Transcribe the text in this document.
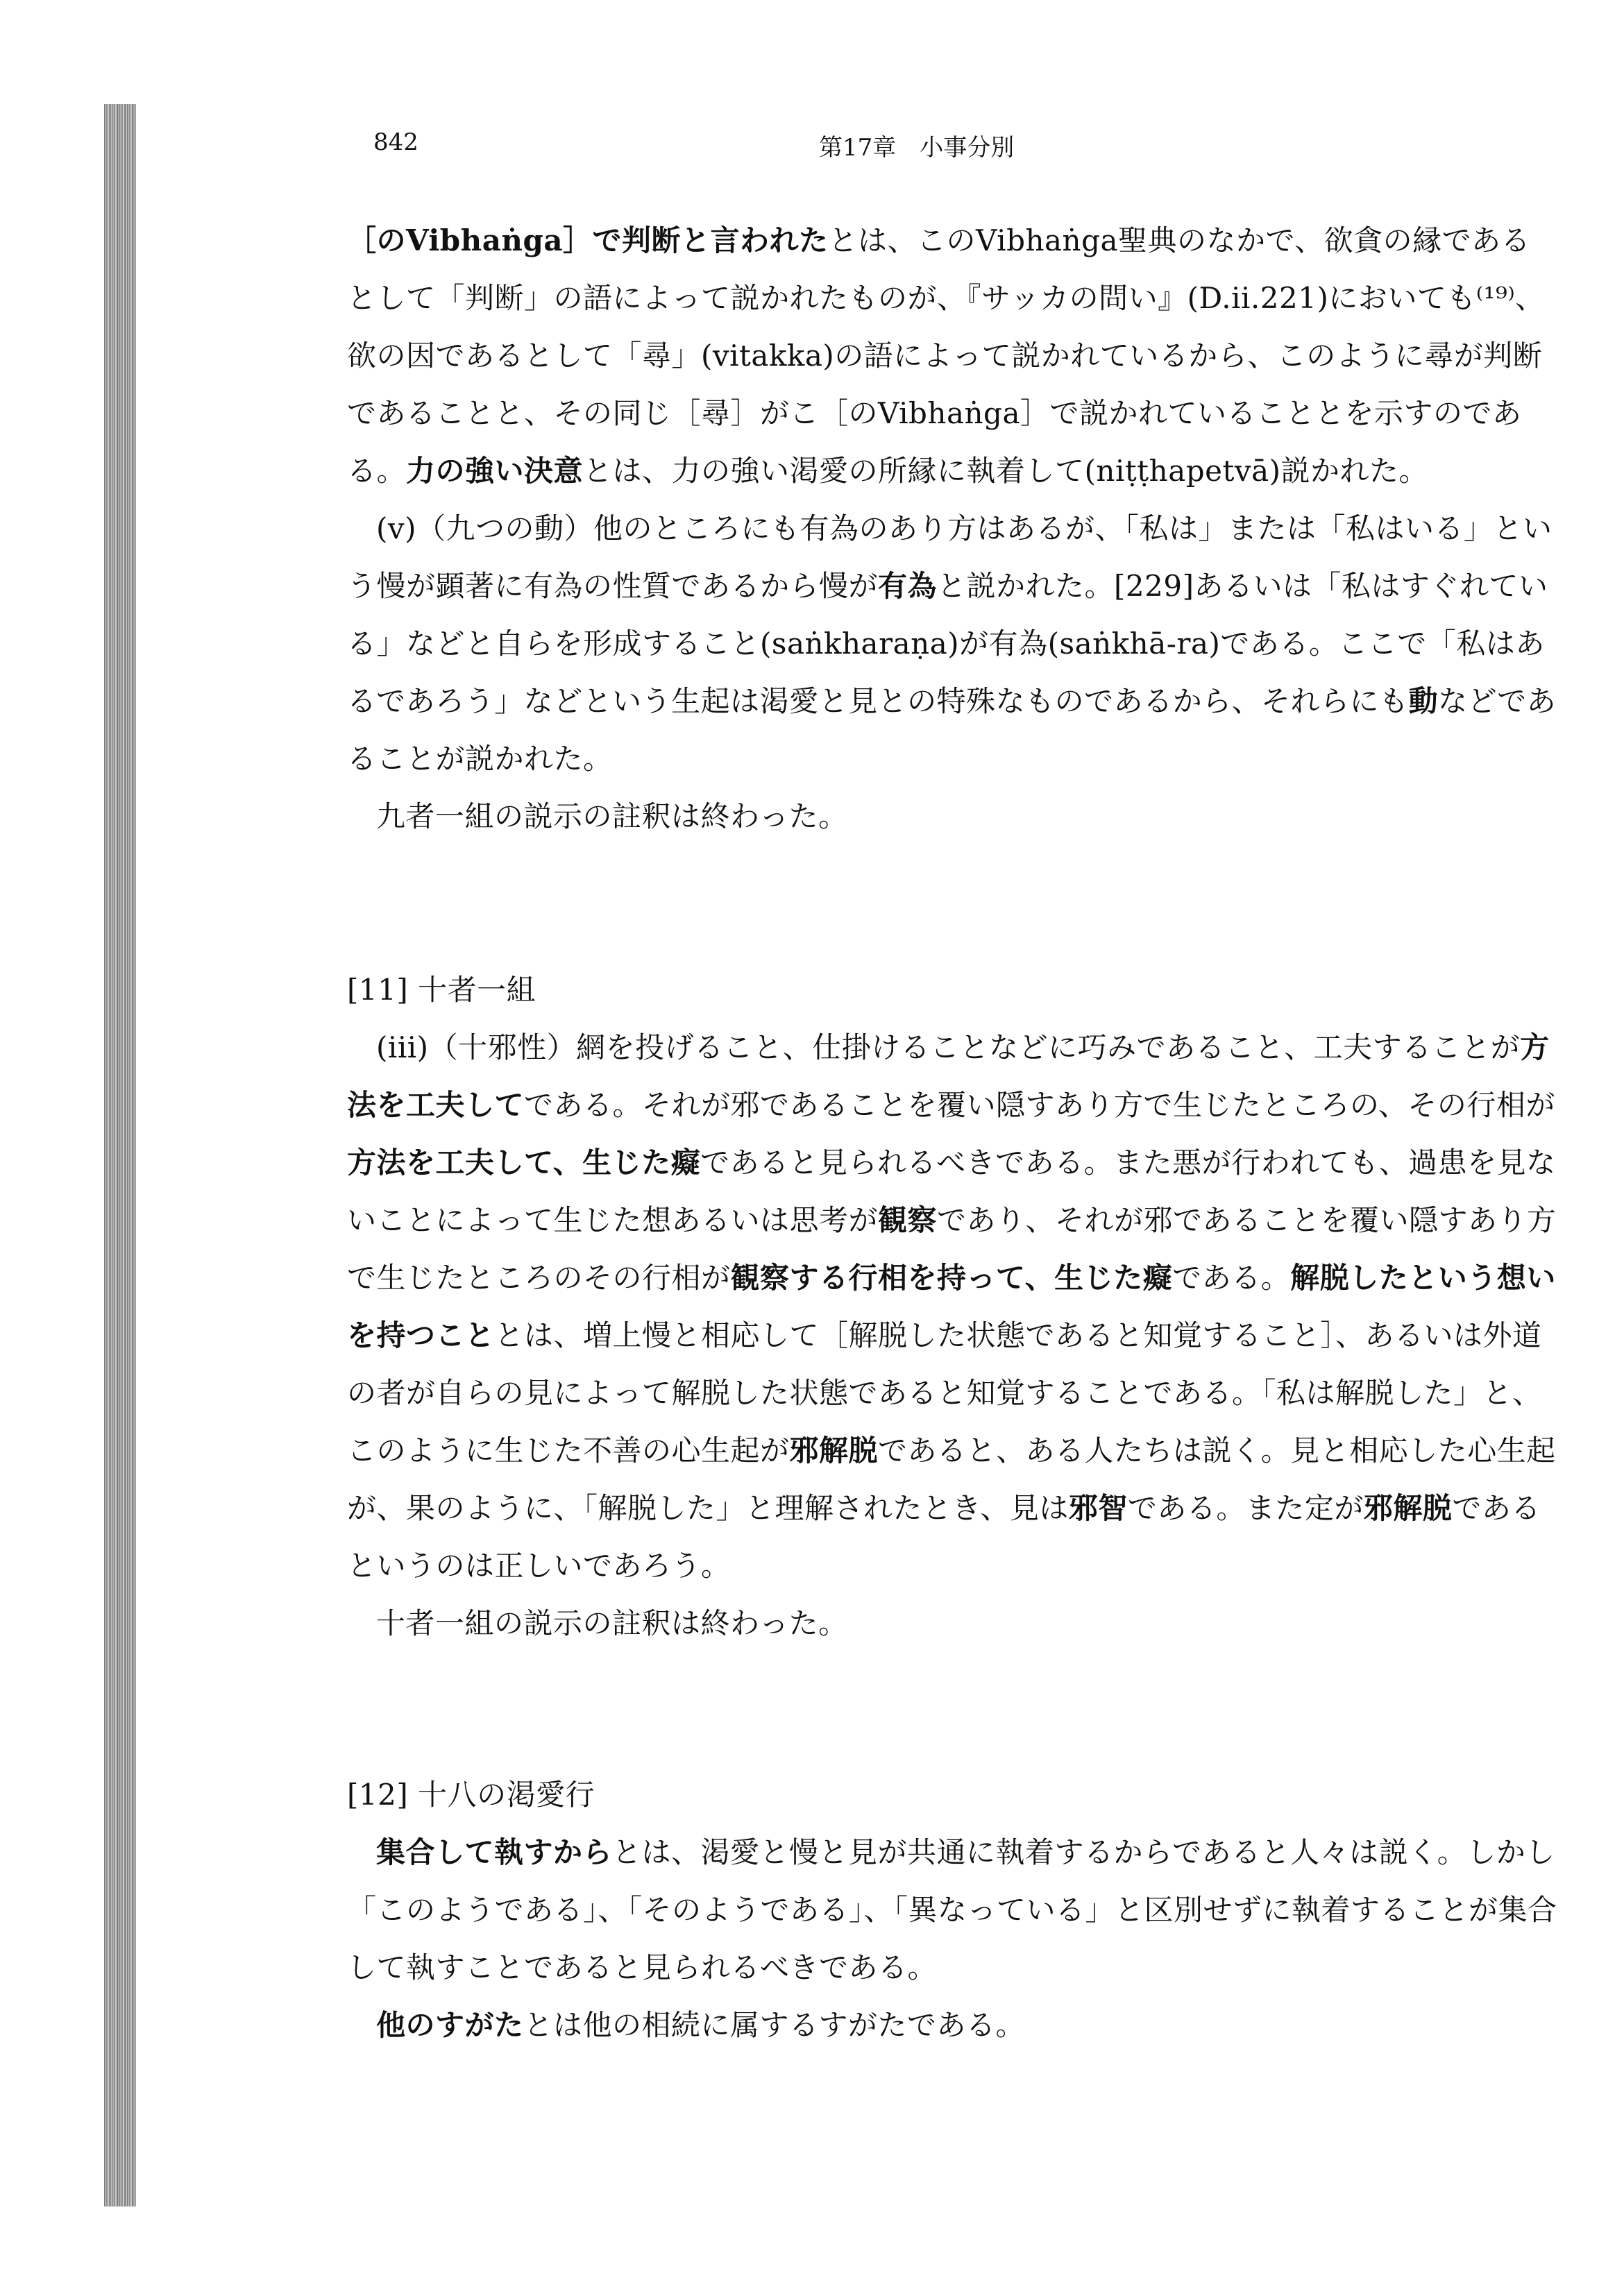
842	第17章　小事分別

［のVibhaṅga］で判断と言われたとは、このVibhaṅga聖典のなかで、欲貪の縁であるとして「判断」の語によって説かれたものが、『サッカの問い』(D.ii.221)においても⁽¹⁹⁾、欲の因であるとして「尋」(vitakka)の語によって説かれているから、このように尋が判断であることと、その同じ［尋］がこ［のVibhaṅga］で説かれていることとを示すのである。力の強い決意とは、力の強い渇愛の所縁に執着して(niṭṭhapetvā)説かれた。

(v)（九つの動）他のところにも有為のあり方はあるが、「私は」または「私はいる」という慢が顕著に有為の性質であるから慢が有為と説かれた。[229]あるいは「私はすぐれている」などと自らを形成すること(saṅkharaṇa)が有為(saṅkhā-ra)である。ここで「私はあるであろう」などという生起は渇愛と見との特殊なものであるから、それらにも動などであることが説かれた。

九者一組の説示の註釈は終わった。

[11] 十者一組

(iii)（十邪性）網を投げること、仕掛けることなどに巧みであること、工夫することが方法を工夫してである。それが邪であることを覆い隠すあり方で生じたところの、その行相が方法を工夫して、生じた癡であると見られるべきである。また悪が行われても、過患を見ないことによって生じた想あるいは思考が観察であり、それが邪であることを覆い隠すあり方で生じたところのその行相が観察する行相を持って、生じた癡である。解脱したという想いを持つこととは、増上慢と相応して［解脱した状態であると知覚すること］、あるいは外道の者が自らの見によって解脱した状態であると知覚することである。「私は解脱した」と、このように生じた不善の心生起が邪解脱であると、ある人たちは説く。見と相応した心生起が、果のように、「解脱した」と理解されたとき、見は邪智である。また定が邪解脱であるというのは正しいであろう。

十者一組の説示の註釈は終わった。

[12] 十八の渇愛行

集合して執すからとは、渇愛と慢と見が共通に執着するからであると人々は説く。しかし「このようである」、「そのようである」、「異なっている」と区別せずに執着することが集合して執すことであると見られるべきである。

他のすがたとは他の相続に属するすがたである。
